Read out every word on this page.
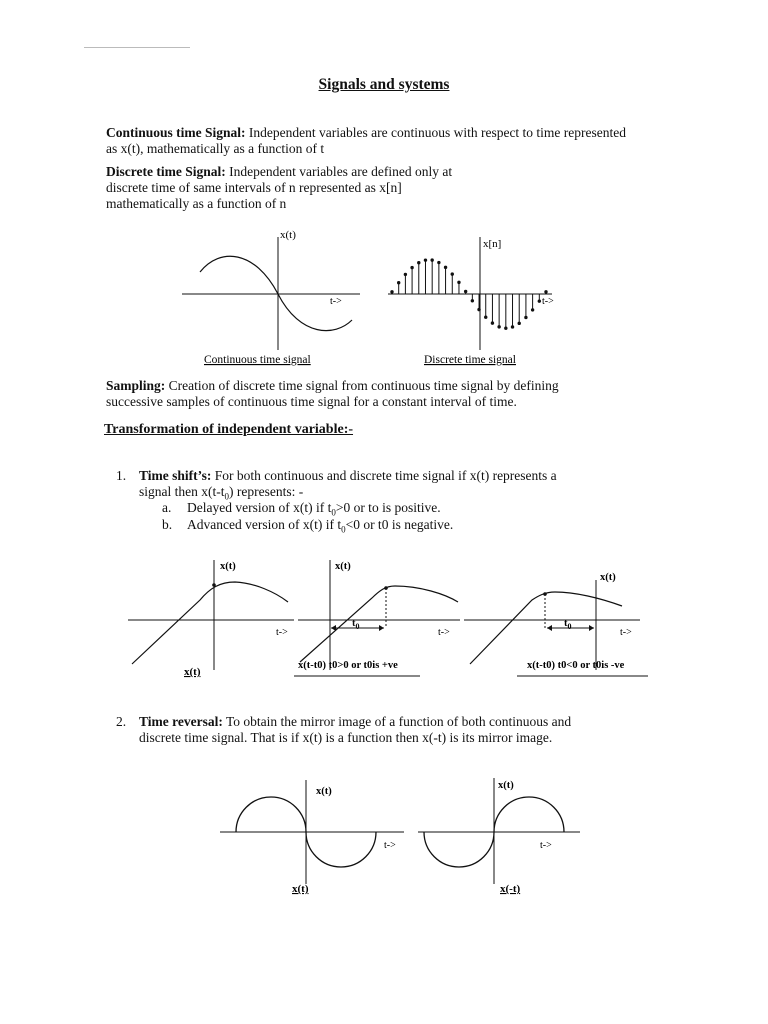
Signals and systems
Continuous time Signal: Independent variables are continuous with respect to time represented
as x(t), mathematically as a function of t
Discrete time Signal: Independent variables are defined only at
discrete time of same intervals of n represented as x[n]
mathematically as a function of n
x(t)
t->
Continuous time signal
x[n]
t->
Discrete time signal
Sampling: Creation of discrete time signal from continuous time signal by defining
successive samples of continuous time signal for a constant interval of time.
Transformation of independent variable:-
1. Time shift’s: For both continuous and discrete time signal if x(t) represents a
signal then $x(t-t_0)$ represents: -
a. Delayed version of x(t) if $t_0>0$ or to is positive.
b. Advanced version of x(t) if $t_0<0$ or t0 is negative.
x(t)
t->
x(t)
$t_0$
x(t)
t->
x(t-t0) t0>0 or t0is +ve
$t_0$
x(t)
t->
x(t-t0) t0<0 or t0is -ve
2. Time reversal: To obtain the mirror image of a function of both continuous and
discrete time signal. That is if x(t) is a function then x(-t) is its mirror image.
x(t)
t->
x(t)
x(t)
t->
x(-t)
